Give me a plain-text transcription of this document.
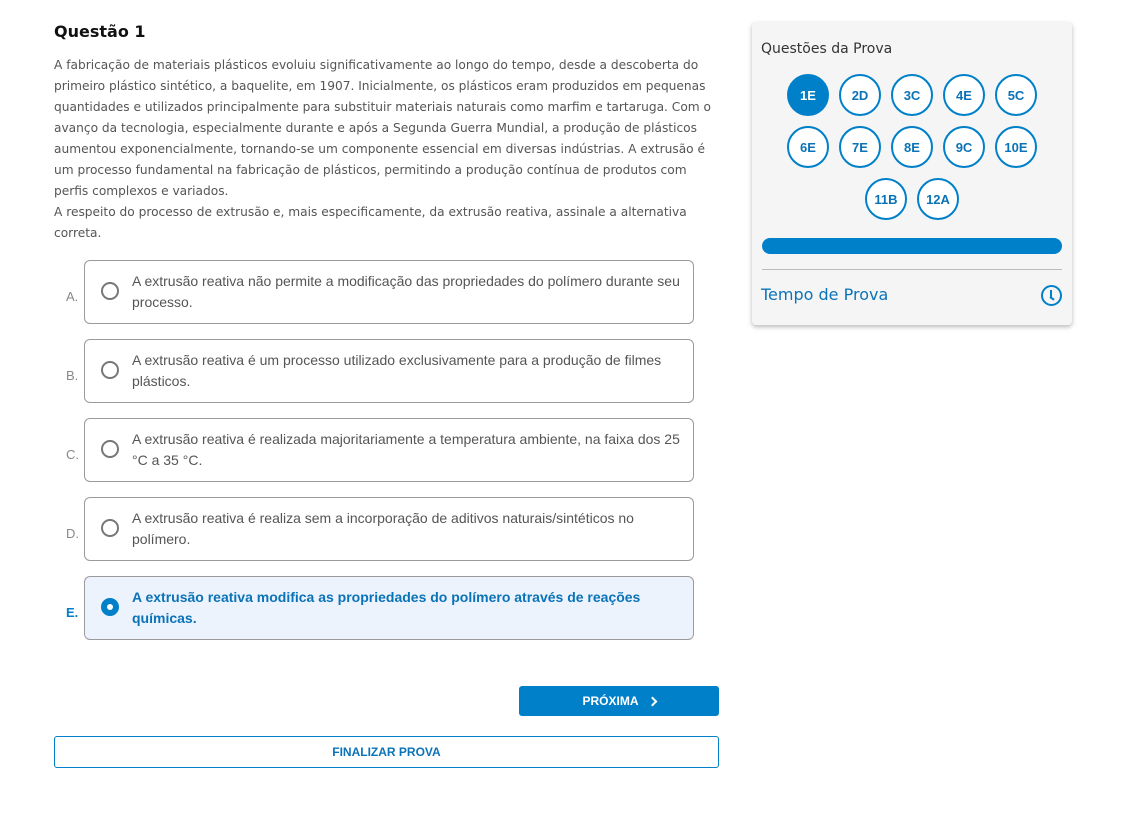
Questão 1
A fabricação de materiais plásticos evoluiu significativamente ao longo do tempo, desde a descoberta do primeiro plástico sintético, a baquelite, em 1907. Inicialmente, os plásticos eram produzidos em pequenas quantidades e utilizados principalmente para substituir materiais naturais como marfim e tartaruga. Com o avanço da tecnologia, especialmente durante e após a Segunda Guerra Mundial, a produção de plásticos aumentou exponencialmente, tornando-se um componente essencial em diversas indústrias. A extrusão é um processo fundamental na fabricação de plásticos, permitindo a produção contínua de produtos com perfis complexos e variados.
A respeito do processo de extrusão e, mais especificamente, da extrusão reativa, assinale a alternativa correta.
A.
A extrusão reativa não permite a modificação das propriedades do polímero durante seu processo.
B.
A extrusão reativa é um processo utilizado exclusivamente para a produção de filmes plásticos.
C.
A extrusão reativa é realizada majoritariamente a temperatura ambiente, na faixa dos 25 °C a 35 °C.
D.
A extrusão reativa é realiza sem a incorporação de aditivos naturais/sintéticos no polímero.
E.
A extrusão reativa modifica as propriedades do polímero através de reações químicas.
PRÓXIMA
FINALIZAR PROVA
Questões da Prova
1E	2D	3C	4E	5C
6E	7E	8E	9C	10E
11B	12A
Tempo de Prova
